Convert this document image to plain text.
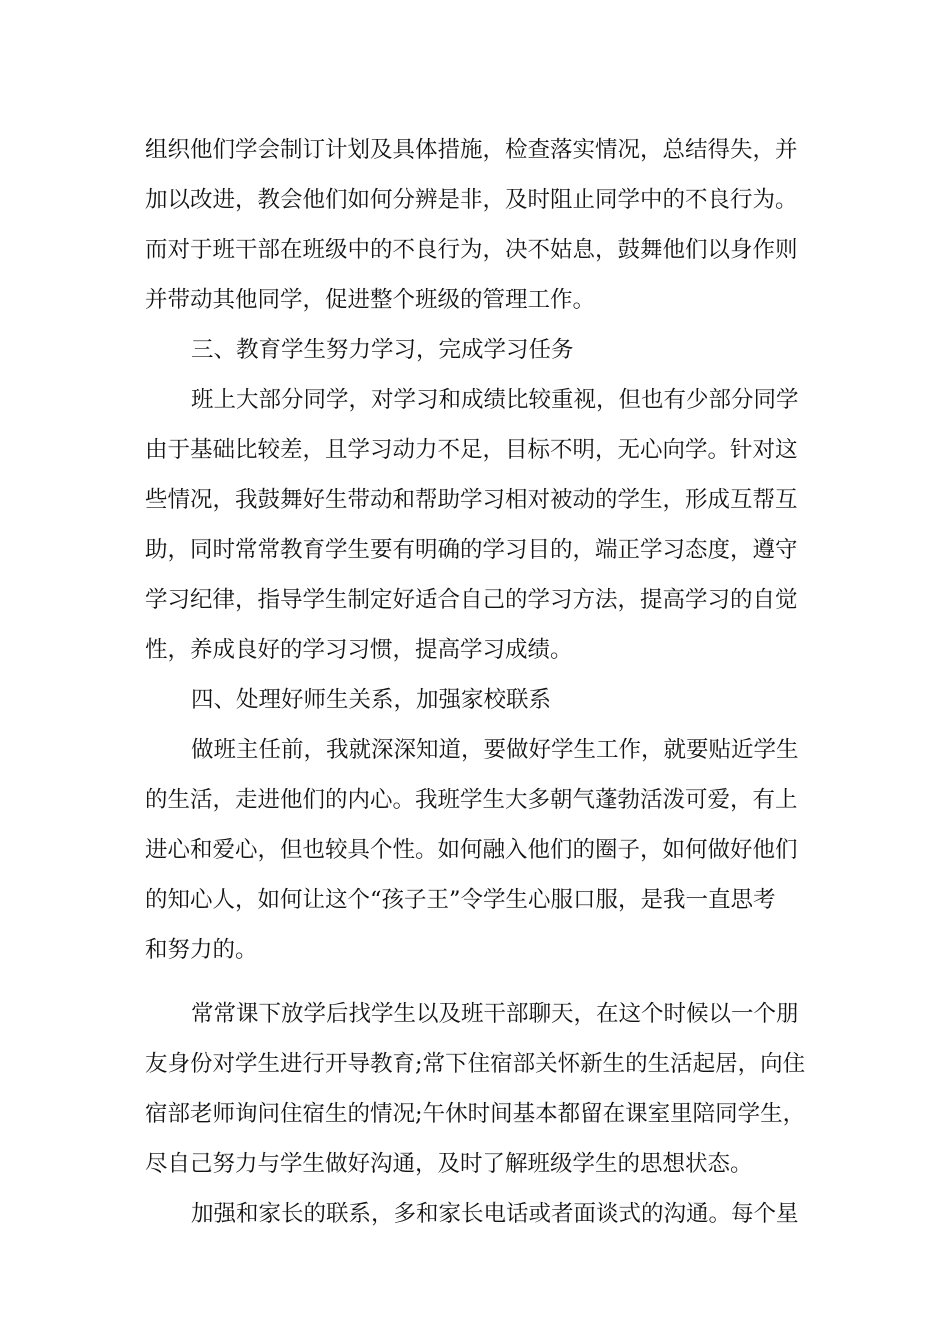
组织他们学会制订计划及具体措施，检查落实情况，总结得失，并

加以改进，教会他们如何分辨是非，及时阻止同学中的不良行为。

而对于班干部在班级中的不良行为，决不姑息，鼓舞他们以身作则

并带动其他同学，促进整个班级的管理工作。

三、教育学生努力学习，完成学习任务

班上大部分同学，对学习和成绩比较重视，但也有少部分同学

由于基础比较差，且学习动力不足，目标不明，无心向学。针对这

些情况，我鼓舞好生带动和帮助学习相对被动的学生，形成互帮互

助，同时常常教育学生要有明确的学习目的，端正学习态度，遵守

学习纪律，指导学生制定好适合自己的学习方法，提高学习的自觉

性，养成良好的学习习惯，提高学习成绩。

四、处理好师生关系，加强家校联系

做班主任前，我就深深知道，要做好学生工作，就要贴近学生

的生活，走进他们的内心。我班学生大多朝气蓬勃活泼可爱，有上

进心和爱心，但也较具个性。如何融入他们的圈子，如何做好他们

的知心人，如何让这个“孩子王”令学生心服口服，是我一直思考

和努力的。

常常课下放学后找学生以及班干部聊天，在这个时候以一个朋

友身份对学生进行开导教育;常下住宿部关怀新生的生活起居，向住

宿部老师询问住宿生的情况;午休时间基本都留在课室里陪同学生，

尽自己努力与学生做好沟通，及时了解班级学生的思想状态。

加强和家长的联系，多和家长电话或者面谈式的沟通。每个星
